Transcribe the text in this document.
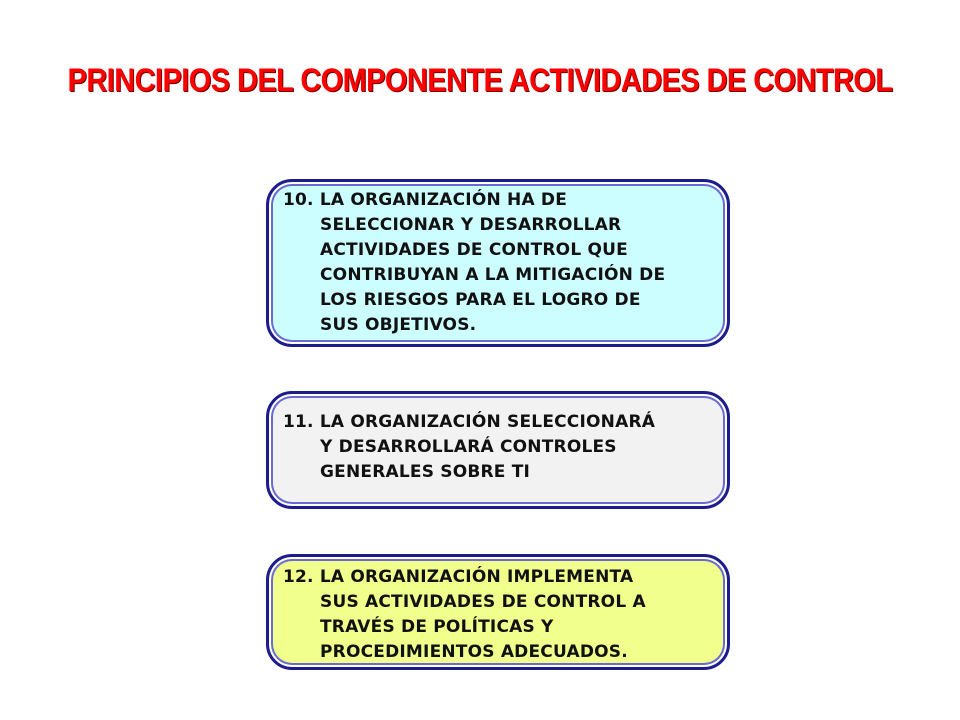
PRINCIPIOS DEL COMPONENTE ACTIVIDADES DE CONTROL

10. LA ORGANIZACIÓN HA DE

SELECCIONAR Y DESARROLLAR

ACTIVIDADES DE CONTROL QUE

CONTRIBUYAN A LA MITIGACIÓN DE

LOS RIESGOS PARA EL LOGRO DE

SUS OBJETIVOS.

11. LA ORGANIZACIÓN SELECCIONARÁ

Y DESARROLLARÁ CONTROLES

GENERALES SOBRE TI

12. LA ORGANIZACIÓN IMPLEMENTA

SUS ACTIVIDADES DE CONTROL A

TRAVÉS DE POLÍTICAS Y

PROCEDIMIENTOS ADECUADOS.
